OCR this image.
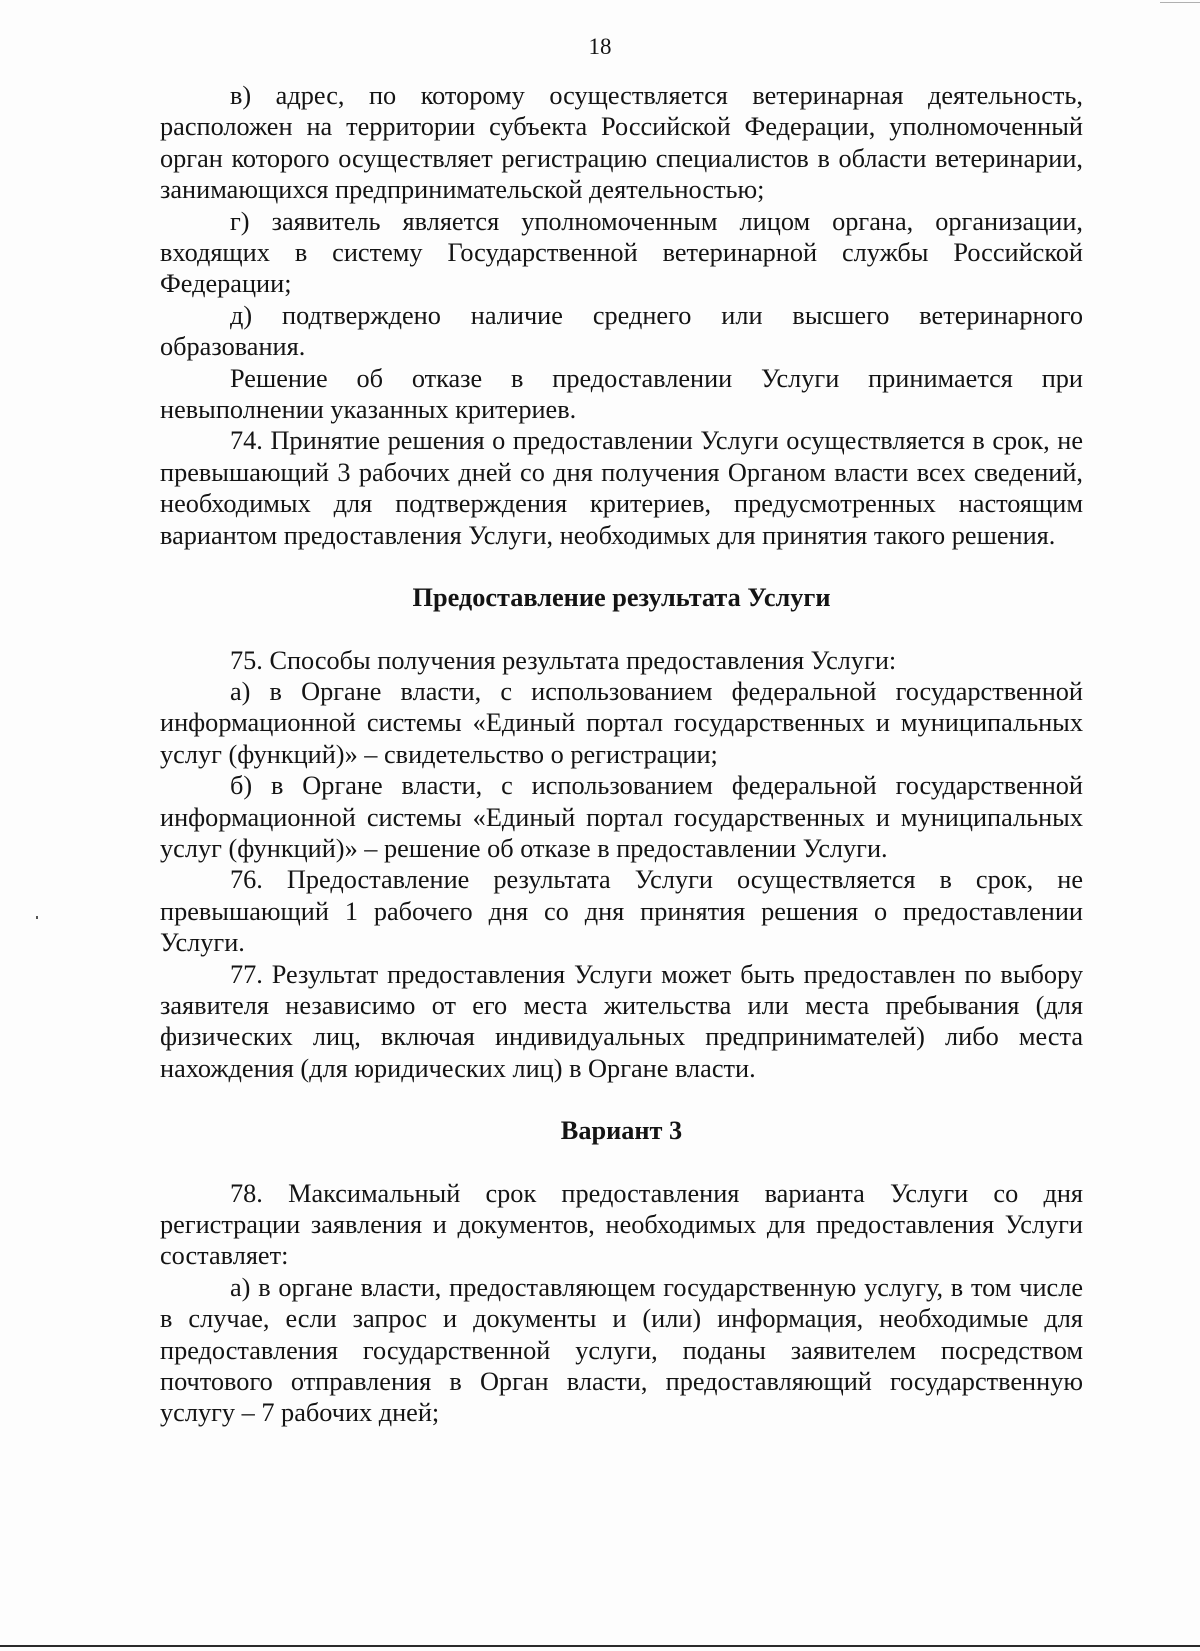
18

в) адрес, по которому осуществляется ветеринарная деятельность, расположен на территории субъекта Российской Федерации, уполномоченный орган которого осуществляет регистрацию специалистов в области ветеринарии, занимающихся предпринимательской деятельностью;

г) заявитель является уполномоченным лицом органа, организации, входящих в систему Государственной ветеринарной службы Российской Федерации;

д) подтверждено наличие среднего или высшего ветеринарного образования.

Решение об отказе в предоставлении Услуги принимается при невыполнении указанных критериев.

74. Принятие решения о предоставлении Услуги осуществляется в срок, не превышающий 3 рабочих дней со дня получения Органом власти всех сведений, необходимых для подтверждения критериев, предусмотренных настоящим вариантом предоставления Услуги, необходимых для принятия такого решения.

Предоставление результата Услуги

75. Способы получения результата предоставления Услуги:

а) в Органе власти, с использованием федеральной государственной информационной системы «Единый портал государственных и муниципальных услуг (функций)» – свидетельство о регистрации;

б) в Органе власти, с использованием федеральной государственной информационной системы «Единый портал государственных и муниципальных услуг (функций)» – решение об отказе в предоставлении Услуги.

76. Предоставление результата Услуги осуществляется в срок, не превышающий 1 рабочего дня со дня принятия решения о предоставлении Услуги.

77. Результат предоставления Услуги может быть предоставлен по выбору заявителя независимо от его места жительства или места пребывания (для физических лиц, включая индивидуальных предпринимателей) либо места нахождения (для юридических лиц) в Органе власти.

Вариант 3

78. Максимальный срок предоставления варианта Услуги со дня регистрации заявления и документов, необходимых для предоставления Услуги составляет:

а) в органе власти, предоставляющем государственную услугу, в том числе в случае, если запрос и документы и (или) информация, необходимые для предоставления государственной услуги, поданы заявителем посредством почтового отправления в Орган власти, предоставляющий государственную услугу – 7 рабочих дней;
